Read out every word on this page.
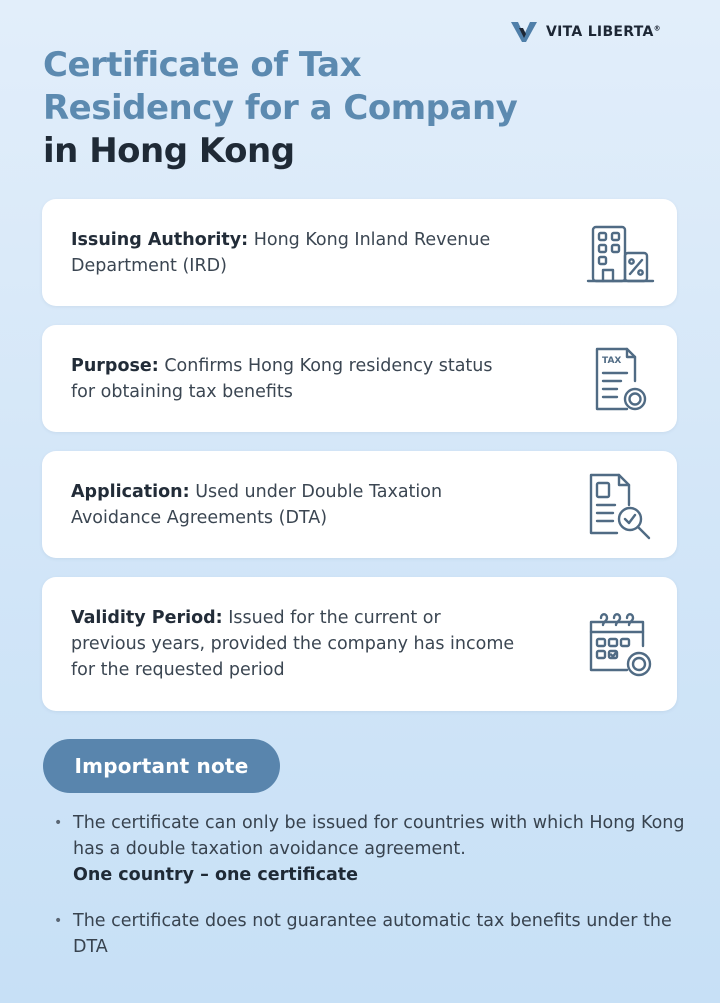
VITA LIBERTA®
Certificate of Tax
Residency for a Company
in Hong Kong

Issuing Authority: Hong Kong Inland Revenue Department (IRD)

Purpose: Confirms Hong Kong residency status for obtaining tax benefits

TAX

Application: Used under Double Taxation Avoidance Agreements (DTA)

Validity Period: Issued for the current or previous years, provided the company has income for the requested period

Important note
• The certificate can only be issued for countries with which Hong Kong has a double taxation avoidance agreement.
One country – one certificate
• The certificate does not guarantee automatic tax benefits under the DTA
